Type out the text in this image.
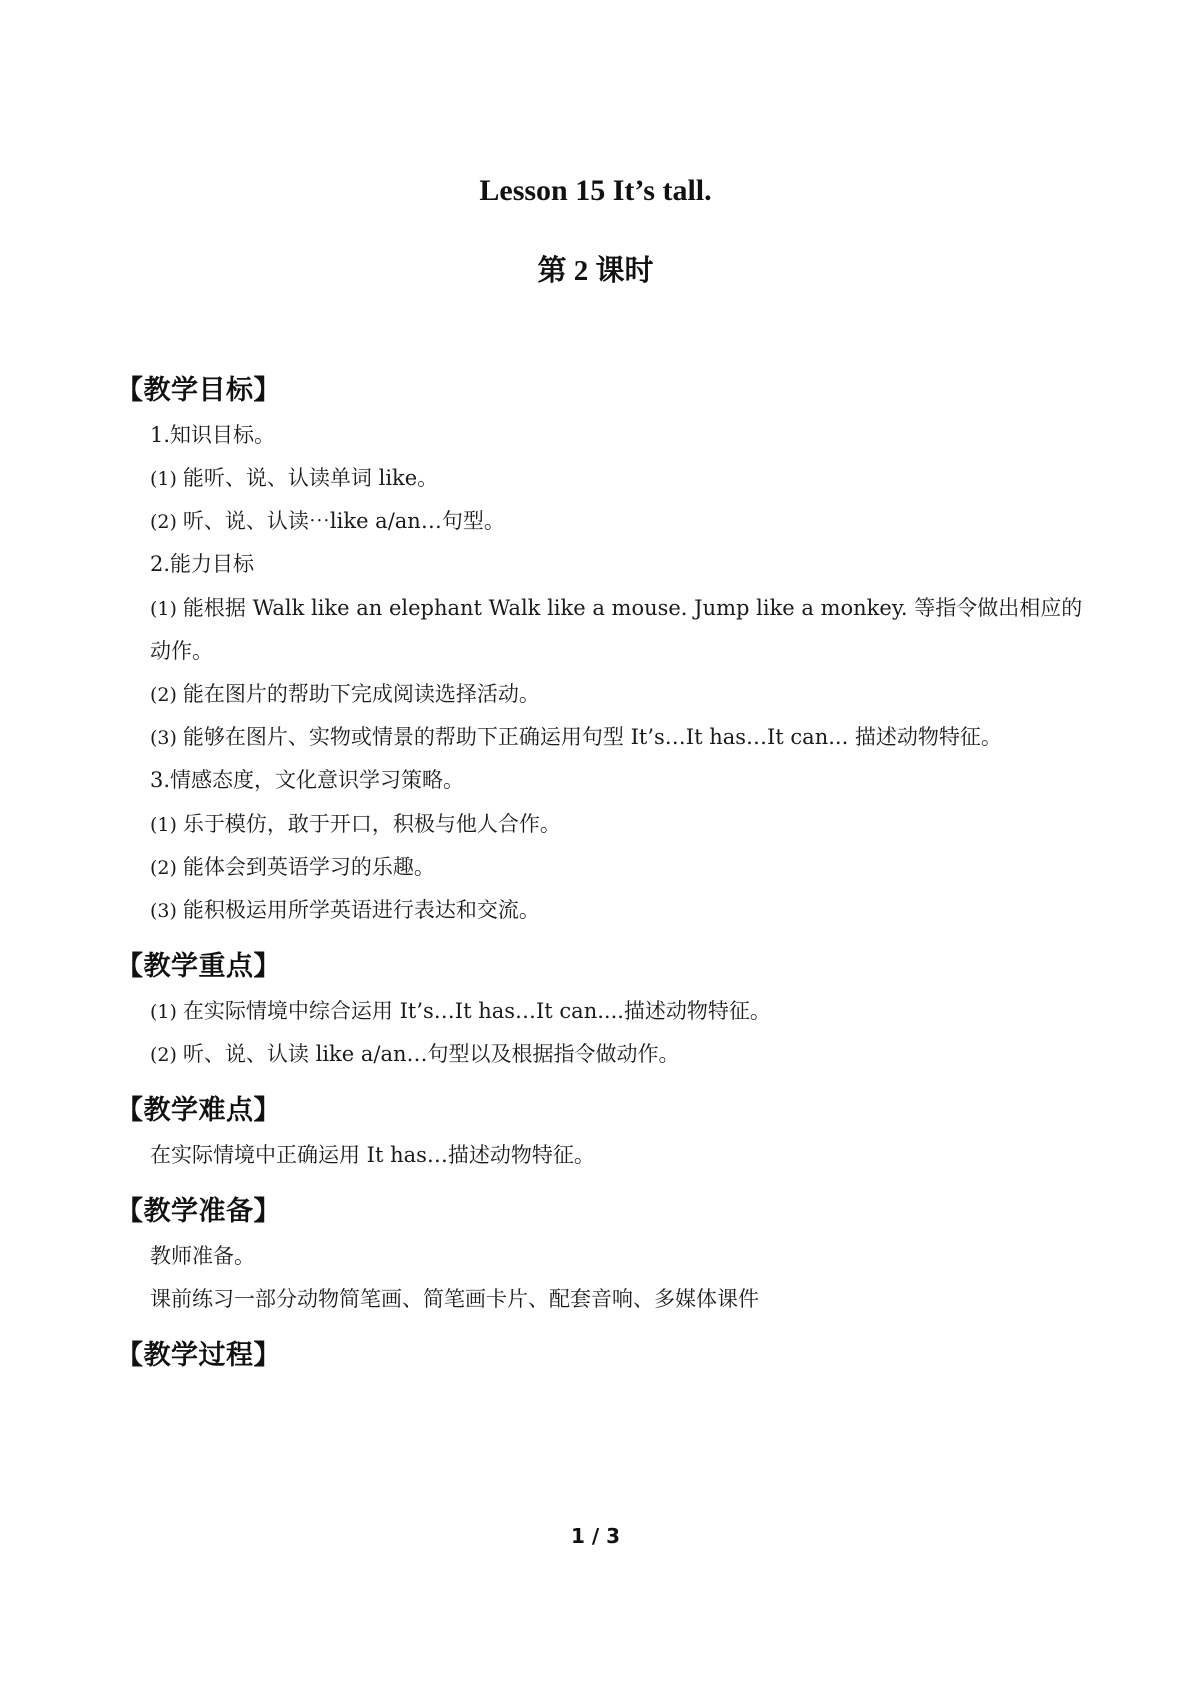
Lesson 15 It’s tall.
第 2 课时
【教学目标】
1.知识目标。
(1) 能听、说、认读单词 like。
(2) 听、说、认读⋯like a/an…句型。
2.能力目标
(1) 能根据 Walk like an elephant Walk like a mouse. Jump like a monkey. 等指令做出相应的
动作。
(2) 能在图片的帮助下完成阅读选择活动。
(3) 能够在图片、实物或情景的帮助下正确运用句型 It’s…It has…It can... 描述动物特征。
3.情感态度，文化意识学习策略。
(1) 乐于模仿，敢于开口，积极与他人合作。
(2) 能体会到英语学习的乐趣。
(3) 能积极运用所学英语进行表达和交流。
【教学重点】
(1) 在实际情境中综合运用 It’s…It has…It can....描述动物特征。
(2) 听、说、认读 like a/an…句型以及根据指令做动作。
【教学难点】
在实际情境中正确运用 It has…描述动物特征。
【教学准备】
教师准备。
课前练习一部分动物简笔画、简笔画卡片、配套音响、多媒体课件
【教学过程】
1 / 3
